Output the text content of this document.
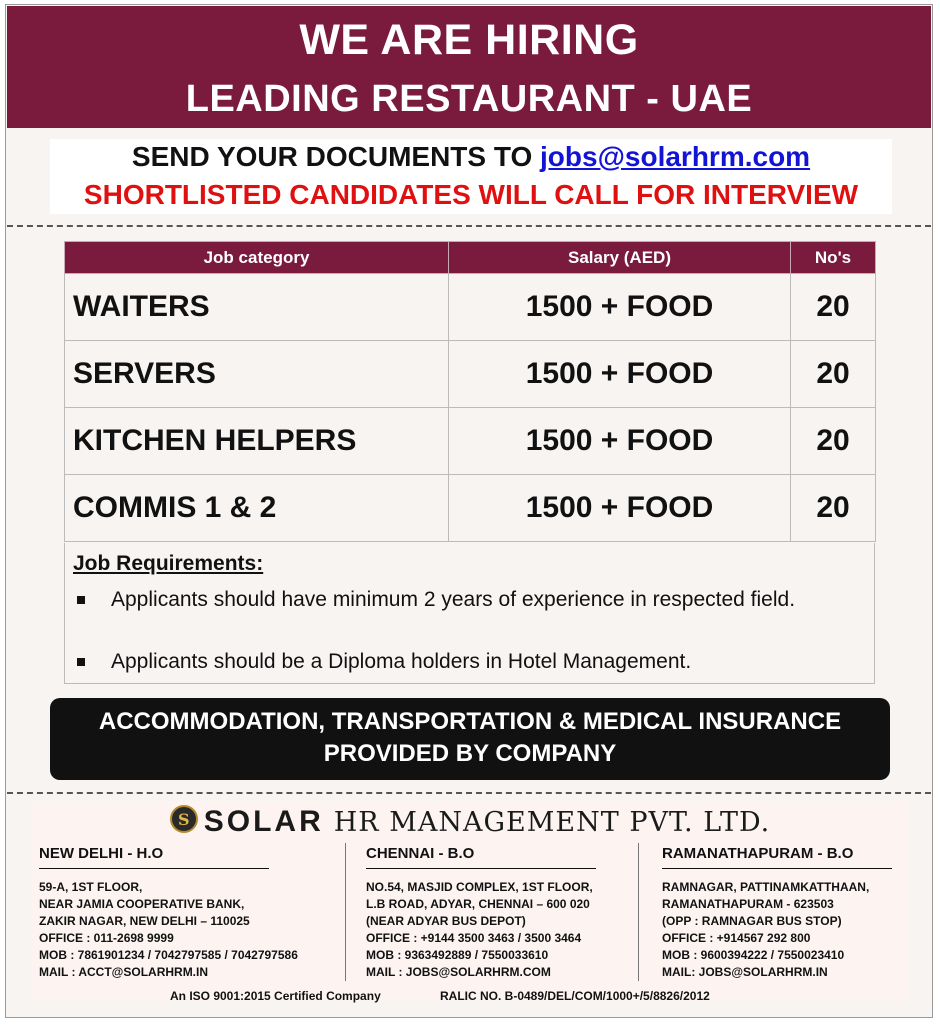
WE ARE HIRING
LEADING RESTAURANT - UAE
SEND YOUR DOCUMENTS TO jobs@solarhrm.com
SHORTLISTED CANDIDATES WILL CALL FOR INTERVIEW
Job category	Salary (AED)	No's
WAITERS	1500 + FOOD	20
SERVERS	1500 + FOOD	20
KITCHEN HELPERS	1500 + FOOD	20
COMMIS 1 & 2	1500 + FOOD	20
Job Requirements:
Applicants should have minimum 2 years of experience in respected field.
Applicants should be a Diploma holders in Hotel Management.
ACCOMMODATION, TRANSPORTATION & MEDICAL INSURANCE
PROVIDED BY COMPANY
S SOLAR HR MANAGEMENT PVT. LTD.
NEW DELHI - H.O
59-A, 1ST FLOOR,
NEAR JAMIA COOPERATIVE BANK,
ZAKIR NAGAR, NEW DELHI – 110025
OFFICE : 011-2698 9999
MOB : 7861901234 / 7042797585 / 7042797586
MAIL : ACCT@SOLARHRM.IN
CHENNAI - B.O
NO.54, MASJID COMPLEX, 1ST FLOOR,
L.B ROAD, ADYAR, CHENNAI – 600 020
(NEAR ADYAR BUS DEPOT)
OFFICE : +9144 3500 3463 / 3500 3464
MOB : 9363492889 / 7550033610
MAIL : JOBS@SOLARHRM.COM
RAMANATHAPURAM - B.O
RAMNAGAR, PATTINAMKATTHAAN,
RAMANATHAPURAM - 623503
(OPP : RAMNAGAR BUS STOP)
OFFICE : +914567 292 800
MOB : 9600394222 / 7550023410
MAIL: JOBS@SOLARHRM.IN
An ISO 9001:2015 Certified Company	RALIC NO. B-0489/DEL/COM/1000+/5/8826/2012
